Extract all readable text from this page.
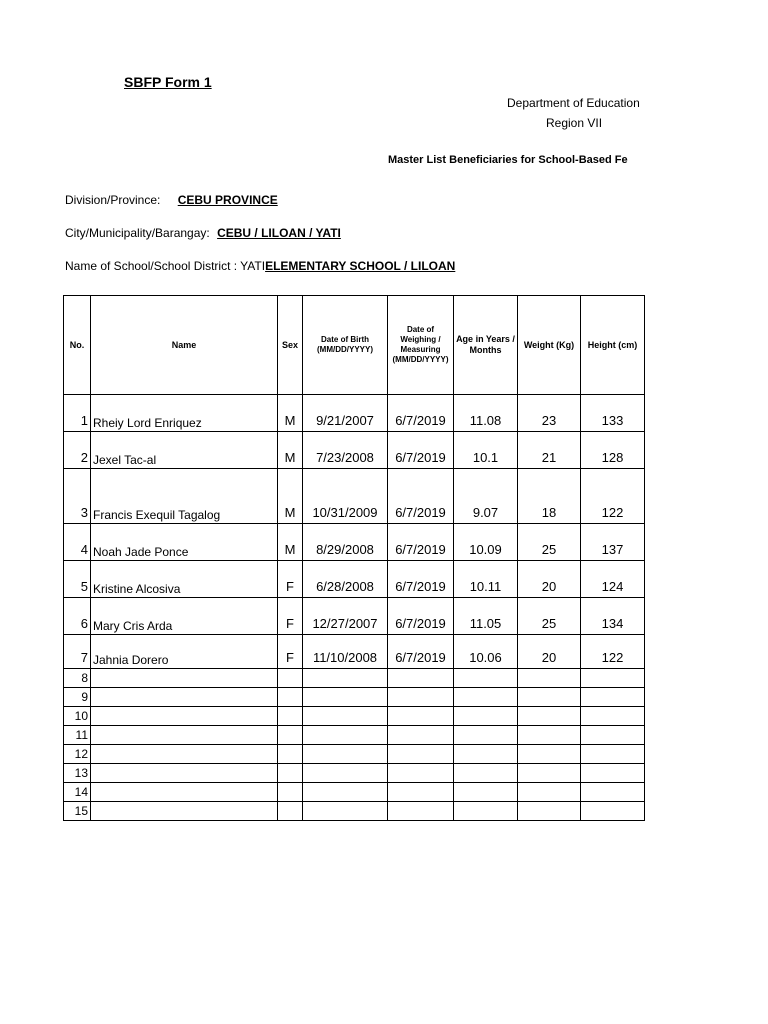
SBFP Form 1
Department of Education
Region VII
Master List Beneficiaries for School-Based Fe
Division/Province: CEBU PROVINCE
City/Municipality/Barangay: CEBU / LILOAN / YATI
Name of School/School District : YATIELEMENTARY SCHOOL / LILOAN
No.	Name	Sex	Date of Birth (MM/DD/YYYY)	Date of Weighing / Measuring (MM/DD/YYYY)	Age in Years / Months	Weight (Kg)	Height (cm)
1	Rheiy Lord Enriquez	M	9/21/2007	6/7/2019	11.08	23	133
2	Jexel Tac-al	M	7/23/2008	6/7/2019	10.1	21	128
3	Francis Exequil Tagalog	M	10/31/2009	6/7/2019	9.07	18	122
4	Noah Jade Ponce	M	8/29/2008	6/7/2019	10.09	25	137
5	Kristine Alcosiva	F	6/28/2008	6/7/2019	10.11	20	124
6	Mary Cris Arda	F	12/27/2007	6/7/2019	11.05	25	134
7	Jahnia Dorero	F	11/10/2008	6/7/2019	10.06	20	122
8							
9							
10							
11							
12							
13							
14							
15							
